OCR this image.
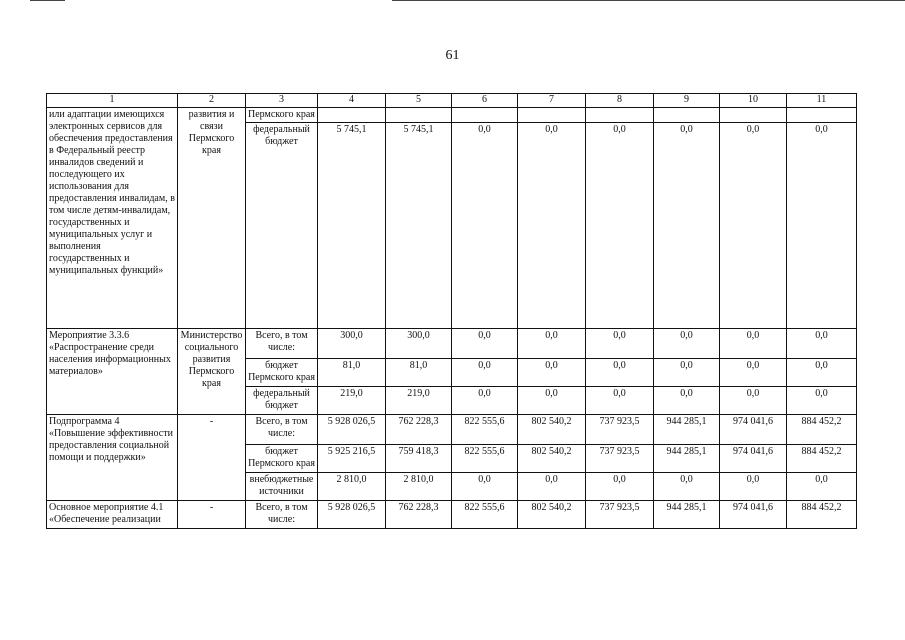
61
1	2	3	4	5	6	7	8	9	10	11
или адаптации имеющихся электронных сервисов для обеспечения предоставления в Федеральный реестр инвалидов сведений и последующего их использования для предоставления инвалидам, в том числе детям-инвалидам, государственных и муниципальных услуг и выполнения государственных и муниципальных функций»	развития и связи Пермского края	Пермского края								
		федеральный бюджет	5 745,1	5 745,1	0,0	0,0	0,0	0,0	0,0	0,0
Мероприятие 3.3.6 «Распространение среди населения информационных материалов»	Министерство социального развития Пермского края	Всего, в том числе:	300,0	300,0	0,0	0,0	0,0	0,0	0,0	0,0
		бюджет Пермского края	81,0	81,0	0,0	0,0	0,0	0,0	0,0	0,0
		федеральный бюджет	219,0	219,0	0,0	0,0	0,0	0,0	0,0	0,0
Подпрограмма 4 «Повышение эффективности предоставления социальной помощи и поддержки»	-	Всего, в том числе:	5 928 026,5	762 228,3	822 555,6	802 540,2	737 923,5	944 285,1	974 041,6	884 452,2
		бюджет Пермского края	5 925 216,5	759 418,3	822 555,6	802 540,2	737 923,5	944 285,1	974 041,6	884 452,2
		внебюджетные источники	2 810,0	2 810,0	0,0	0,0	0,0	0,0	0,0	0,0
Основное мероприятие 4.1 «Обеспечение реализации	-	Всего, в том числе:	5 928 026,5	762 228,3	822 555,6	802 540,2	737 923,5	944 285,1	974 041,6	884 452,2
